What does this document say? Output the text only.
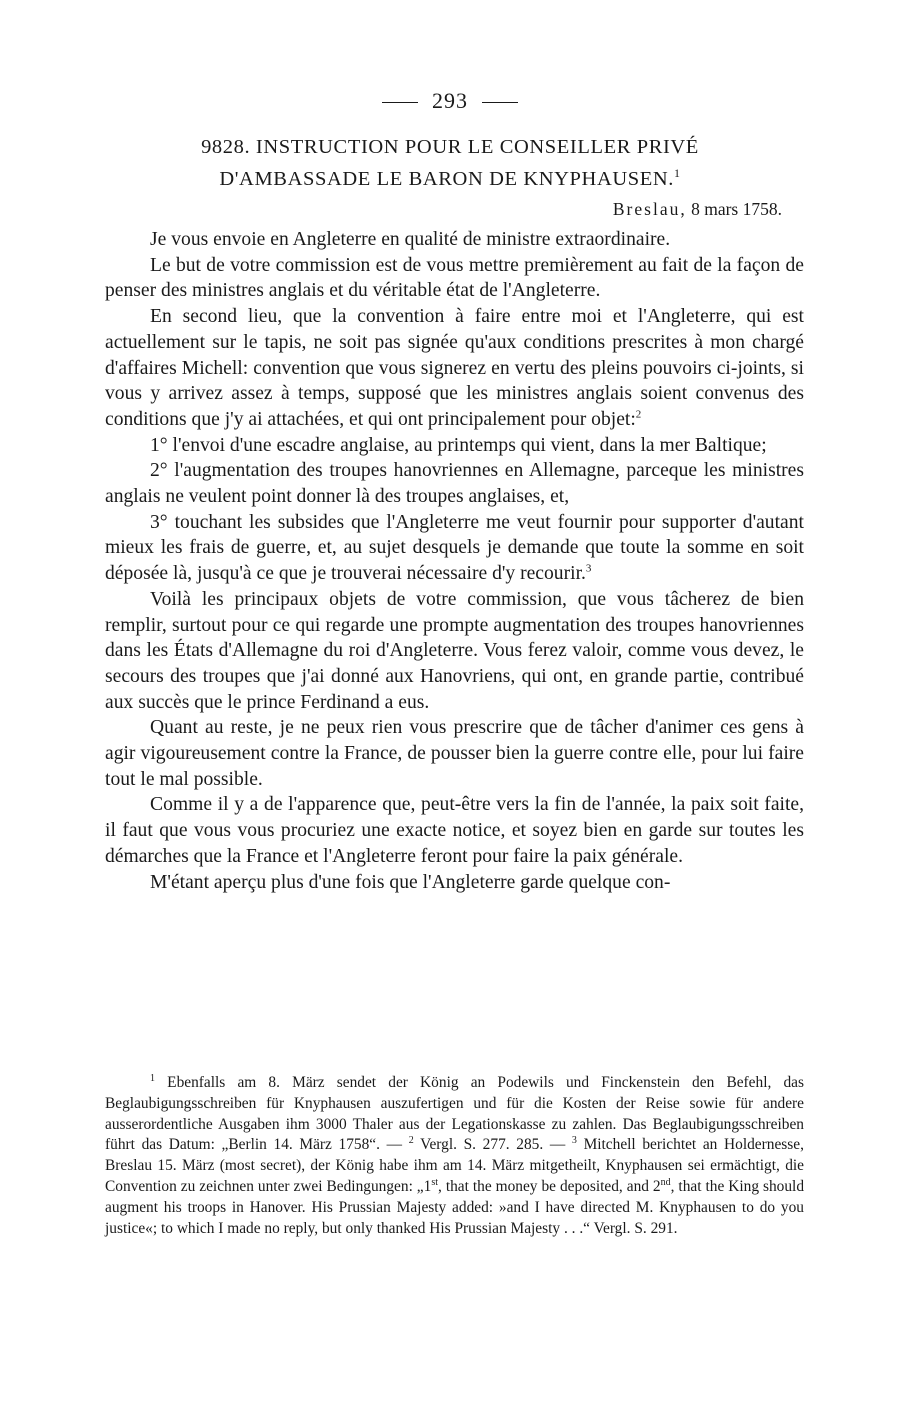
293
9828. INSTRUCTION POUR LE CONSEILLER PRIVÉ
D'AMBASSADE LE BARON DE KNYPHAUSEN.$^1$
Breslau, 8 mars 1758.

Je vous envoie en Angleterre en qualité de ministre extraordinaire.

Le but de votre commission est de vous mettre premièrement au fait de la façon de penser des ministres anglais et du véritable état de l'Angleterre.

En second lieu, que la convention à faire entre moi et l'Angleterre, qui est actuellement sur le tapis, ne soit pas signée qu'aux conditions prescrites à mon chargé d'affaires Michell: convention que vous signerez en vertu des pleins pouvoirs ci-joints, si vous y arrivez assez à temps, supposé que les ministres anglais soient convenus des conditions que j'y ai attachées, et qui ont principalement pour objet:$^2$

1° l'envoi d'une escadre anglaise, au printemps qui vient, dans la mer Baltique;

2° l'augmentation des troupes hanovriennes en Allemagne, parceque les ministres anglais ne veulent point donner là des troupes anglaises, et,

3° touchant les subsides que l'Angleterre me veut fournir pour supporter d'autant mieux les frais de guerre, et, au sujet desquels je demande que toute la somme en soit déposée là, jusqu'à ce que je trouverai nécessaire d'y recourir.$^3$

Voilà les principaux objets de votre commission, que vous tâcherez de bien remplir, surtout pour ce qui regarde une prompte augmentation des troupes hanovriennes dans les États d'Allemagne du roi d'Angleterre. Vous ferez valoir, comme vous devez, le secours des troupes que j'ai donné aux Hanovriens, qui ont, en grande partie, contribué aux succès que le prince Ferdinand a eus.

Quant au reste, je ne peux rien vous prescrire que de tâcher d'animer ces gens à agir vigoureusement contre la France, de pousser bien la guerre contre elle, pour lui faire tout le mal possible.

Comme il y a de l'apparence que, peut-être vers la fin de l'année, la paix soit faite, il faut que vous vous procuriez une exacte notice, et soyez bien en garde sur toutes les démarches que la France et l'Angleterre feront pour faire la paix générale.

M'étant aperçu plus d'une fois que l'Angleterre garde quelque con-

$^1$ Ebenfalls am 8. März sendet der König an Podewils und Finckenstein den Befehl, das Beglaubigungsschreiben für Knyphausen auszufertigen und für die Kosten der Reise sowie für andere ausserordentliche Ausgaben ihm 3000 Thaler aus der Legationskasse zu zahlen. Das Beglaubigungsschreiben führt das Datum: „Berlin 14. März 1758“. — $^2$ Vergl. S. 277. 285. — $^3$ Mitchell berichtet an Holdernesse, Breslau 15. März (most secret), der König habe ihm am 14. März mitgetheilt, Knyphausen sei ermächtigt, die Convention zu zeichnen unter zwei Bedingungen: „1st, that the money be deposited, and 2nd, that the King should augment his troops in Hanover. His Prussian Majesty added: »and I have directed M. Knyphausen to do you justice«; to which I made no reply, but only thanked His Prussian Majesty . . .“ Vergl. S. 291.
